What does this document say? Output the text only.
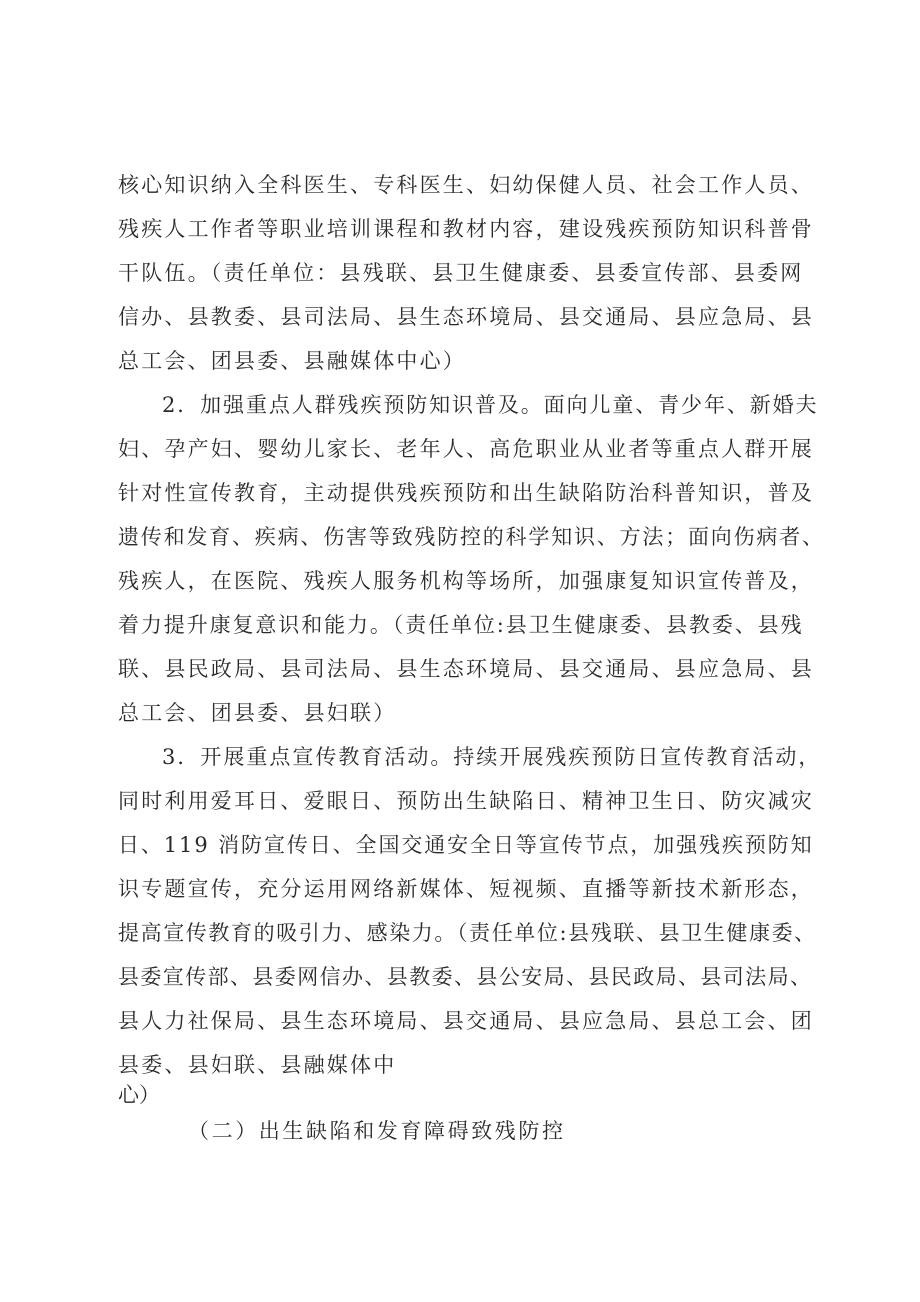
核心知识纳入全科医生、专科医生、妇幼保健人员、社会工作人员、
残疾人工作者等职业培训课程和教材内容，建设残疾预防知识科普骨
干队伍。（责任单位：县残联、县卫生健康委、县委宣传部、县委网
信办、县教委、县司法局、县生态环境局、县交通局、县应急局、县
总工会、团县委、县融媒体中心）
2．加强重点人群残疾预防知识普及。面向儿童、青少年、新婚夫
妇、孕产妇、婴幼儿家长、老年人、高危职业从业者等重点人群开展
针对性宣传教育，主动提供残疾预防和出生缺陷防治科普知识，普及
遗传和发育、疾病、伤害等致残防控的科学知识、方法；面向伤病者、
残疾人，在医院、残疾人服务机构等场所，加强康复知识宣传普及，
着力提升康复意识和能力。（责任单位:县卫生健康委、县教委、县残
联、县民政局、县司法局、县生态环境局、县交通局、县应急局、县
总工会、团县委、县妇联）
3．开展重点宣传教育活动。持续开展残疾预防日宣传教育活动，
同时利用爱耳日、爱眼日、预防出生缺陷日、精神卫生日、防灾减灾
日、119 消防宣传日、全国交通安全日等宣传节点，加强残疾预防知
识专题宣传，充分运用网络新媒体、短视频、直播等新技术新形态，
提高宣传教育的吸引力、感染力。（责任单位:县残联、县卫生健康委、
县委宣传部、县委网信办、县教委、县公安局、县民政局、县司法局、
县人力社保局、县生态环境局、县交通局、县应急局、县总工会、团
县委、县妇联、县融媒体中
心）
（二）出生缺陷和发育障碍致残防控
